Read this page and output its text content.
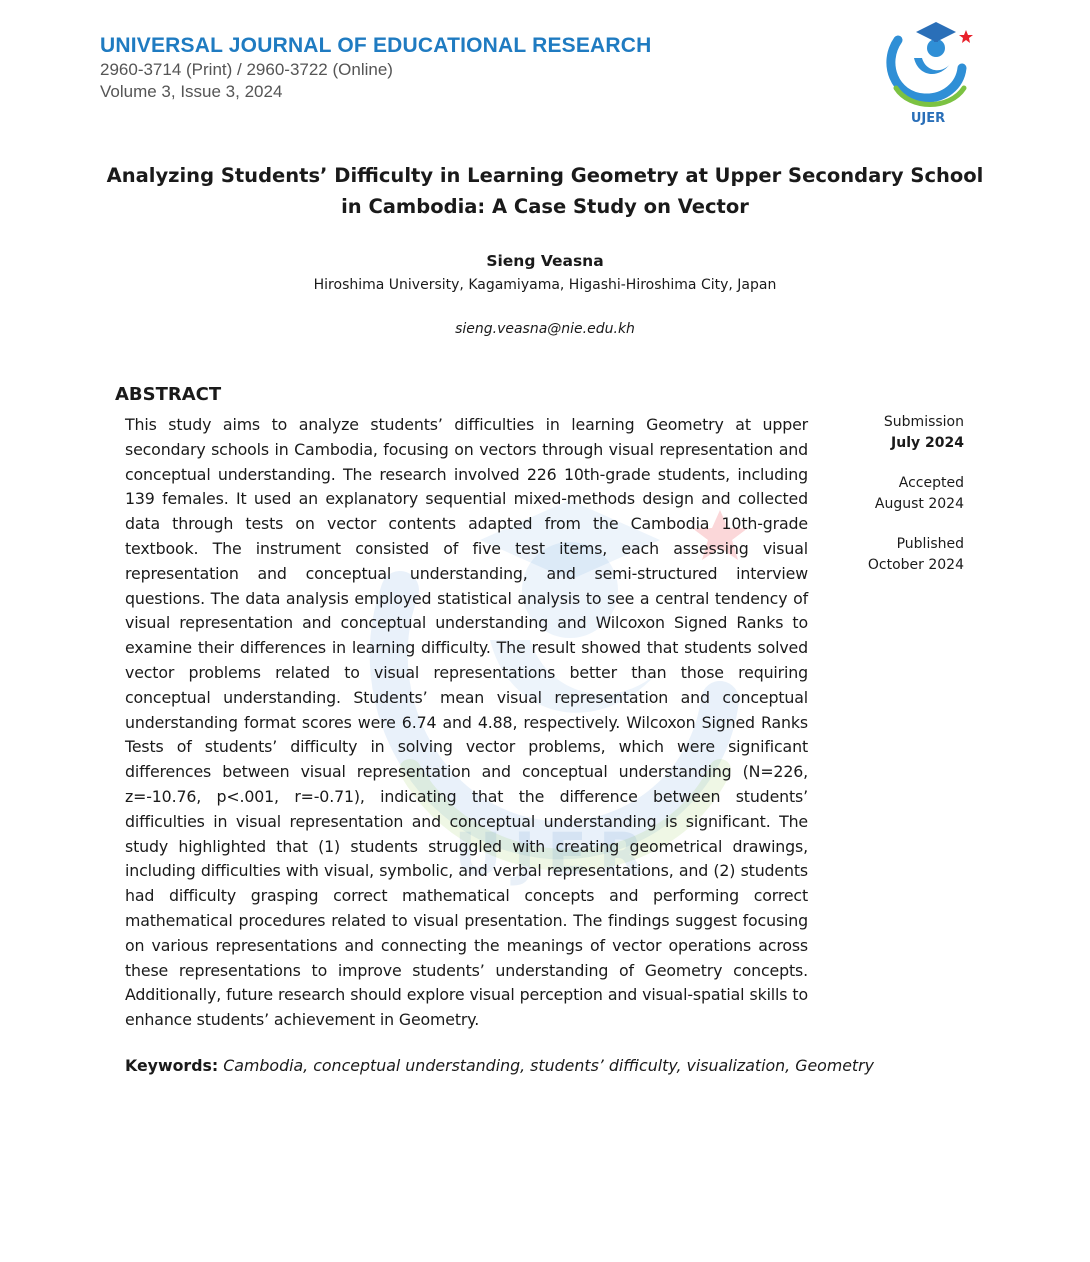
UJER
UNIVERSAL JOURNAL OF EDUCATIONAL RESEARCH
2960-3714 (Print) / 2960-3722 (Online)
Volume 3, Issue 3, 2024
UJER
Analyzing Students’ Difficulty in Learning Geometry at Upper Secondary School in Cambodia: A Case Study on Vector
Sieng Veasna
Hiroshima University, Kagamiyama, Higashi-Hiroshima City, Japan
sieng.veasna@nie.edu.kh
ABSTRACT
This study aims to analyze students’ difficulties in learning Geometry at upper secondary schools in Cambodia, focusing on vectors through visual representation and conceptual understanding. The research involved 226 10th-grade students, including 139 females. It used an explanatory sequential mixed-methods design and collected data through tests on vector contents adapted from the Cambodia 10th-grade textbook. The instrument consisted of five test items, each assessing visual representation and conceptual understanding, and semi-structured interview questions. The data analysis employed statistical analysis to see a central tendency of visual representation and conceptual understanding and Wilcoxon Signed Ranks to examine their differences in learning difficulty. The result showed that students solved vector problems related to visual representations better than those requiring conceptual understanding. Students’ mean visual representation and conceptual understanding format scores were 6.74 and 4.88, respectively. Wilcoxon Signed Ranks Tests of students’ difficulty in solving vector problems, which were significant differences between visual representation and conceptual understanding (N=226, z=-10.76, p<.001, r=-0.71), indicating that the difference between students’ difficulties in visual representation and conceptual understanding is significant. The study highlighted that (1) students struggled with creating geometrical drawings, including difficulties with visual, symbolic, and verbal representations, and (2) students had difficulty grasping correct mathematical concepts and performing correct mathematical procedures related to visual presentation. The findings suggest focusing on various representations and connecting the meanings of vector operations across these representations to improve students’ understanding of Geometry concepts. Additionally, future research should explore visual perception and visual-spatial skills to enhance students’ achievement in Geometry.
Submission
July 2024
Accepted
August 2024
Published
October 2024
Keywords: Cambodia, conceptual understanding, students’ difficulty, visualization, Geometry
